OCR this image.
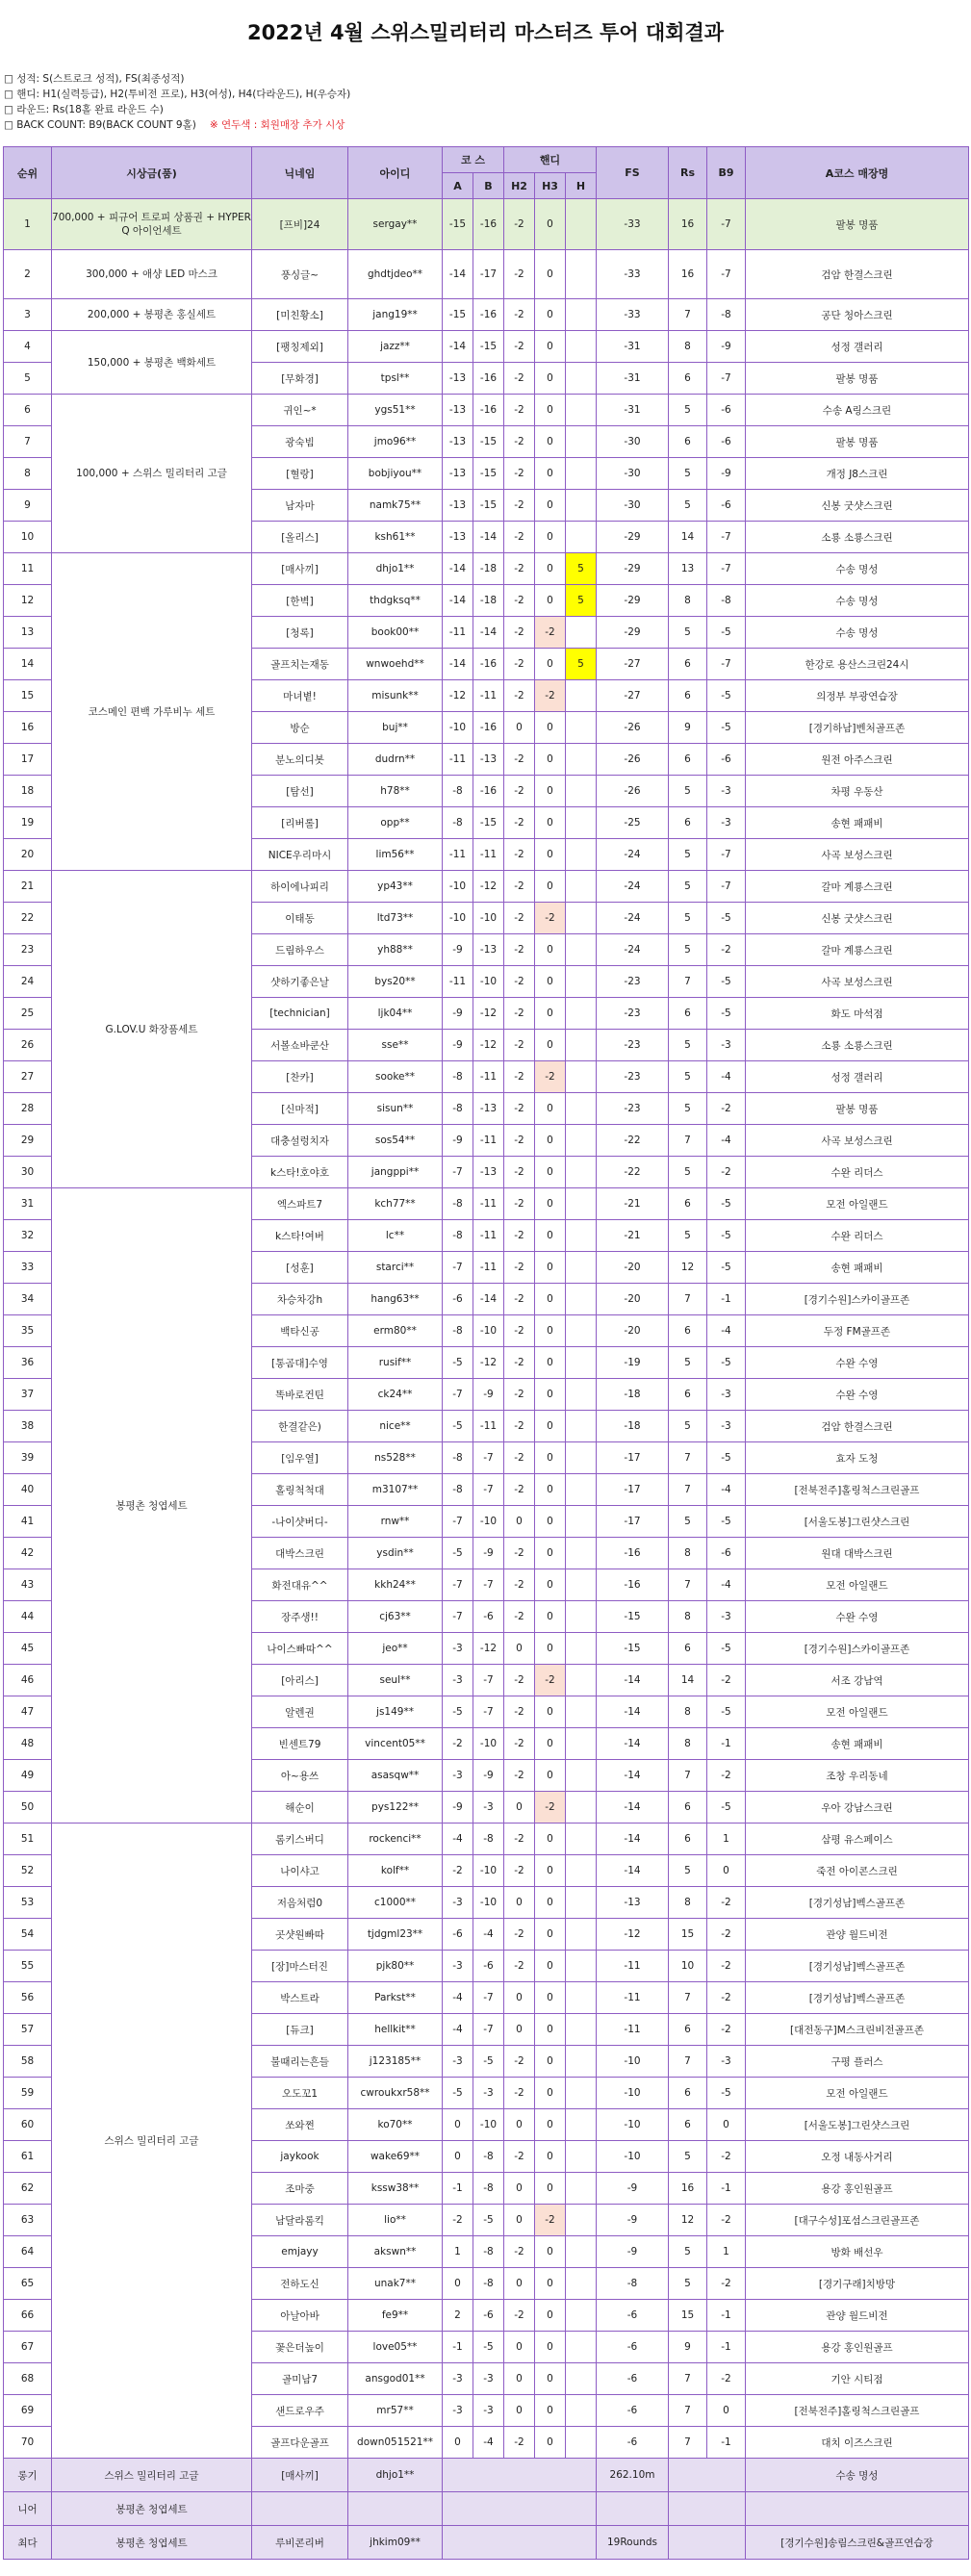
2022년 4월 스위스밀리터리 마스터즈 투어 대회결과
□ 성적: S(스트로크 성적), FS(최종성적)
□ 핸디: H1(실력등급), H2(투비전 프로), H3(여성), H4(다라운드), H(우승자)
□ 라운드: Rs(18홀 완료 라운드 수)
□ BACK COUNT: B9(BACK COUNT 9홀) ※ 연두색 : 회원매장 추가 시상
순위	시상금(품)	닉네임	아이디	코 스		핸디			FS	Rs	B9	A코스 매장명
				A	B	H2	H3	H				
1	700,000 + 피규어 트로피 상품권 + HYPER Q 아이언세트	[프비]24	sergay**	-15	-16	-2	0		-33	16	-7	팔봉 명품
2	300,000 + 애샹 LED 마스크	풍싱글~	ghdtjdeo**	-14	-17	-2	0		-33	16	-7	검암 한결스크린
3	200,000 + 봉평촌 홍실세트	[미친황소]	jang19**	-15	-16	-2	0		-33	7	-8	공단 청아스크린
4	150,000 + 봉평촌 백화세트	[팽칭제외]	jazz**	-14	-15	-2	0		-31	8	-9	성정 갤러리
5		[무화경]	tpsl**	-13	-16	-2	0		-31	6	-7	팔봉 명품
6	100,000 + 스위스 밀리터리 고글	귀인~*	ygs51**	-13	-16	-2	0		-31	5	-6	수송 A링스크린
7		광숙빔	jmo96**	-13	-15	-2	0		-30	6	-6	팔봉 명품
8		[혈랑]	bobjiyou**	-13	-15	-2	0		-30	5	-9	개정 J8스크린
9		남자마	namk75**	-13	-15	-2	0		-30	5	-6	신봉 굿샷스크린
10		[올리스]	ksh61**	-13	-14	-2	0		-29	14	-7	소룡 소룡스크린
11	코스메인 편백 가루비누 세트	[매사끼]	dhjo1**	-14	-18	-2	0	5	-29	13	-7	수송 명성
12		[한벽]	thdgksq**	-14	-18	-2	0	5	-29	8	-8	수송 명성
13		[청록]	book00**	-11	-14	-2	-2		-29	5	-5	수송 명성
14		골프치는재동	wnwoehd**	-14	-16	-2	0	5	-27	6	-7	한강로 용산스크린24시
15		마녀볕!	misunk**	-12	-11	-2	-2		-27	6	-5	의정부 부광연습장
16		방순	buj**	-10	-16	0	0		-26	9	-5	[경기하남]벤처골프존
17		분노의디봇	dudrn**	-11	-13	-2	0		-26	6	-6	원전 아주스크린
18		[탐선]	h78**	-8	-16	-2	0		-26	5	-3	차평 우동산
19		[리버롤]	opp**	-8	-15	-2	0		-25	6	-3	송현 패패비
20		NICE우리마시	lim56**	-11	-11	-2	0		-24	5	-7	사곡 보성스크린
21	G.LOV.U 화장품세트	하이에나피리	yp43**	-10	-12	-2	0		-24	5	-7	갈마 계룡스크린
22		이태동	ltd73**	-10	-10	-2	-2		-24	5	-5	신봉 굿샷스크린
23		드림하우스	yh88**	-9	-13	-2	0		-24	5	-2	갈마 계룡스크린
24		샷하기좋은날	bys20**	-11	-10	-2	0		-23	7	-5	사곡 보성스크린
25		[technician]	ljk04**	-9	-12	-2	0		-23	6	-5	화도 마석점
26		서볼쇼바쿤산	sse**	-9	-12	-2	0		-23	5	-3	소룡 소룡스크린
27		[찬카]	sooke**	-8	-11	-2	-2		-23	5	-4	성정 갤러리
28		[신마적]	sisun**	-8	-13	-2	0		-23	5	-2	팔봉 명품
29		대충설렁치자	sos54**	-9	-11	-2	0		-22	7	-4	사곡 보성스크린
30		k스타!호야호	jangppi**	-7	-13	-2	0		-22	5	-2	수완 리더스
31	봉평촌 청엽세트	엑스파트7	kch77**	-8	-11	-2	0		-21	6	-5	모전 아일랜드
32		k스타!여버	lc**	-8	-11	-2	0		-21	5	-5	수완 리더스
33		[성훈]	starci**	-7	-11	-2	0		-20	12	-5	송현 패패비
34		차승차강h	hang63**	-6	-14	-2	0		-20	7	-1	[경기수원]스카이골프존
35		백타신공	erm80**	-8	-10	-2	0		-20	6	-4	두정 FM골프존
36		[통곰대]수영	rusif**	-5	-12	-2	0		-19	5	-5	수완 수영
37		똑바로컨틴	ck24**	-7	-9	-2	0		-18	6	-3	수완 수영
38		한결같은)	nice**	-5	-11	-2	0		-18	5	-3	검암 한결스크린
39		[임우열]	ns528**	-8	-7	-2	0		-17	7	-5	효자 도청
40		홀링척척대	m3107**	-8	-7	-2	0		-17	7	-4	[전북전주]홀링척스크린골프
41		-나이샷버디-	rnw**	-7	-10	0	0		-17	5	-5	[서울도봉]그린샷스크린
42		대박스크린	ysdin**	-5	-9	-2	0		-16	8	-6	원대 대박스크린
43		화전대유^^	kkh24**	-7	-7	-2	0		-16	7	-4	모전 아일랜드
44		장주생!!	cj63**	-7	-6	-2	0		-15	8	-3	수완 수영
45		나이스빠따^^	jeo**	-3	-12	0	0		-15	6	-5	[경기수원]스카이골프존
46		[아리스]	seul**	-3	-7	-2	-2		-14	14	-2	서조 강남역
47		알렌권	js149**	-5	-7	-2	0		-14	8	-5	모전 아일랜드
48		빈센트79	vincent05**	-2	-10	-2	0		-14	8	-1	송현 패패비
49		아~용쓰	asasqw**	-3	-9	-2	0		-14	7	-2	조창 우리동네
50		해순이	pys122**	-9	-3	0	-2		-14	6	-5	우아 강남스크린
51	스위스 밀리터리 고글	롬키스버디	rockenci**	-4	-8	-2	0		-14	6	1	삼평 유스페이스
52		나이샤고	kolf**	-2	-10	-2	0		-14	5	0	죽전 아이콘스크린
53		저음처럼0	c1000**	-3	-10	0	0		-13	8	-2	[경기성남]벡스골프존
54		곳샷원빠따	tjdgml23**	-6	-4	-2	0		-12	15	-2	관양 월드비전
55		[장]마스터진	pjk80**	-3	-6	-2	0		-11	10	-2	[경기성남]벡스골프존
56		박스트라	Parkst**	-4	-7	0	0		-11	7	-2	[경기성남]벡스골프존
57		[듀크]	hellkit**	-4	-7	0	0		-11	6	-2	[대전동구]M스크린비전골프존
58		불때리는흔들	j123185**	-3	-5	-2	0		-10	7	-3	구평 플러스
59		오도꼬1	cwroukxr58**	-5	-3	-2	0		-10	6	-5	모전 아일랜드
60		쏘와쩐	ko70**	0	-10	0	0		-10	6	0	[서울도봉]그린샷스크린
61		jaykook	wake69**	0	-8	-2	0		-10	5	-2	오정 내동사거리
62		조마중	kssw38**	-1	-8	0	0		-9	16	-1	용강 홍인원골프
63		남달라롬킥	lio**	-2	-5	0	-2		-9	12	-2	[대구수성]포섬스크린골프존
64		emjayy	akswn**	1	-8	-2	0		-9	5	1	방화 배선우
65		전하도신	unak7**	0	-8	0	0		-8	5	-2	[경기구래]치방망
66		아날아바	fe9**	2	-6	-2	0		-6	15	-1	관양 월드비전
67		꽃은더높이	love05**	-1	-5	0	0		-6	9	-1	용강 홍인원골프
68		골미남7	ansgod01**	-3	-3	0	0		-6	7	-2	기안 시티점
69		샌드로우주	mr57**	-3	-3	0	0		-6	7	0	[전북전주]홀링척스크린골프
70		골프다운골프	down051521**	0	-4	-2	0		-6	7	-1	대치 이즈스크린
롱기	스위스 밀리터리 고글	[매사끼]	dhjo1**						262.10m			수송 명성
니어	봉평촌 청엽세트											
최다	봉평촌 청엽세트	루비콘리버	jhkim09**						19Rounds			[경기수원]송림스크린&골프연습장
